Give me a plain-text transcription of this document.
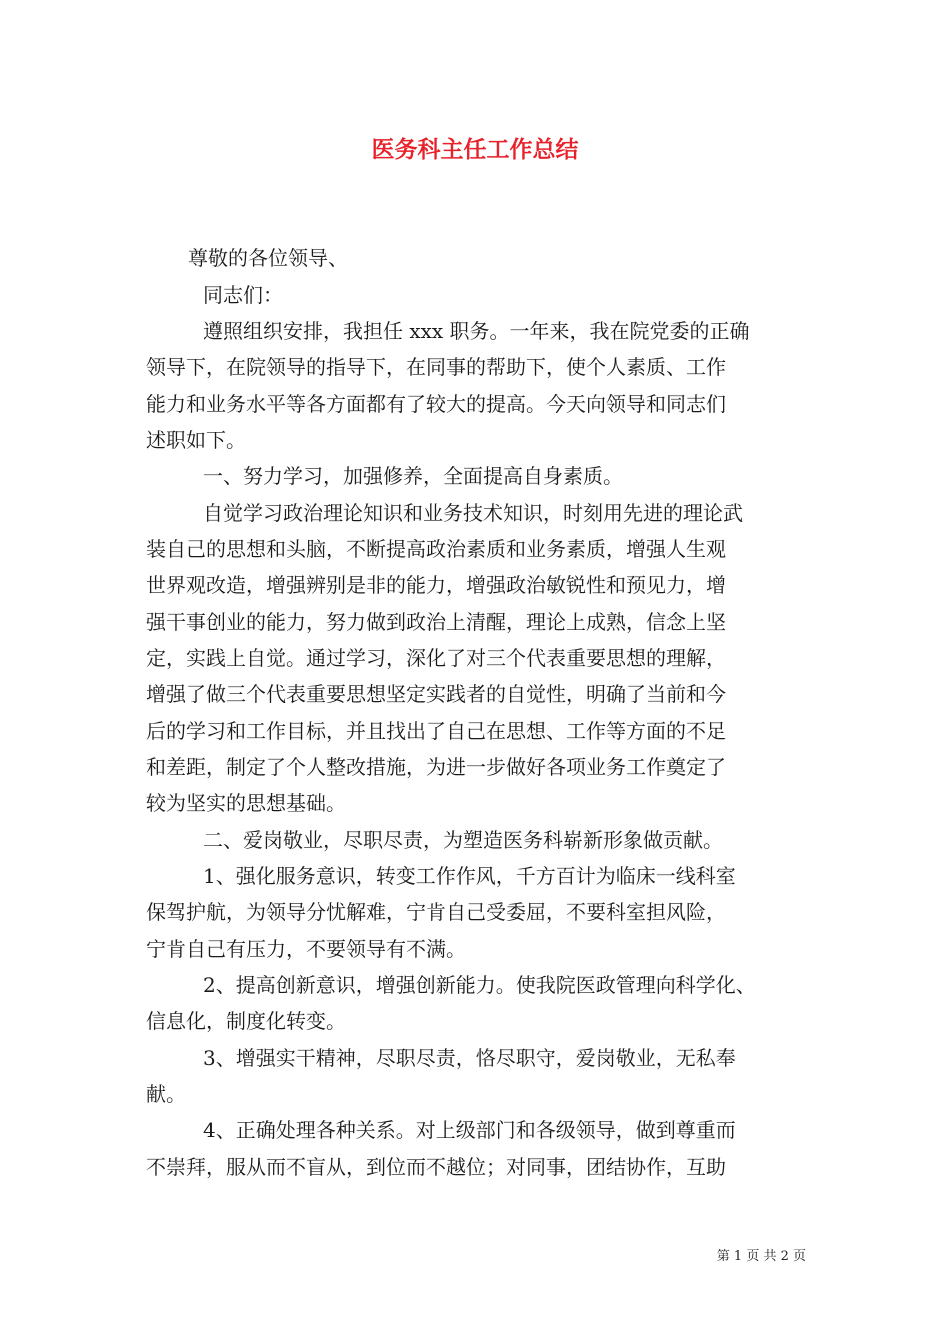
医务科主任工作总结
尊敬的各位领导、
同志们：
遵照组织安排，我担任 xxx 职务。一年来，我在院党委的正确
领导下，在院领导的指导下，在同事的帮助下，使个人素质、工作
能力和业务水平等各方面都有了较大的提高。今天向领导和同志们
述职如下。
一、努力学习，加强修养，全面提高自身素质。
自觉学习政治理论知识和业务技术知识，时刻用先进的理论武
装自己的思想和头脑，不断提高政治素质和业务素质，增强人生观
世界观改造，增强辨别是非的能力，增强政治敏锐性和预见力，增
强干事创业的能力，努力做到政治上清醒，理论上成熟，信念上坚
定，实践上自觉。通过学习，深化了对三个代表重要思想的理解，
增强了做三个代表重要思想坚定实践者的自觉性，明确了当前和今
后的学习和工作目标，并且找出了自己在思想、工作等方面的不足
和差距，制定了个人整改措施，为进一步做好各项业务工作奠定了
较为坚实的思想基础。
二、爱岗敬业，尽职尽责，为塑造医务科崭新形象做贡献。
1、强化服务意识，转变工作作风，千方百计为临床一线科室
保驾护航，为领导分忧解难，宁肯自己受委屈，不要科室担风险，
宁肯自己有压力，不要领导有不满。
2、提高创新意识，增强创新能力。使我院医政管理向科学化、
信息化，制度化转变。
3、增强实干精神，尽职尽责，恪尽职守，爱岗敬业，无私奉
献。
4、正确处理各种关系。对上级部门和各级领导，做到尊重而
不崇拜，服从而不盲从，到位而不越位；对同事，团结协作，互助
第 1 页 共 2 页
